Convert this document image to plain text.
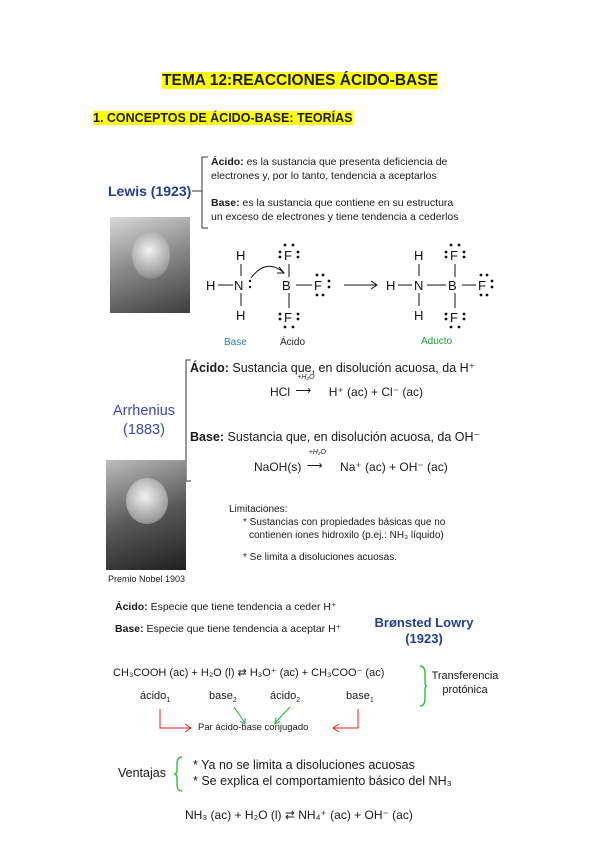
TEMA 12:REACCIONES ÁCIDO-BASE
1. CONCEPTOS DE ÁCIDO-BASE: TEORÍAS
Lewis (1923)
Ácido: es la sustancia que presenta deficiencia de
electrones y, por lo tanto, tendencia a aceptarlos
Base: es la sustancia que contiene en su estructura
un exceso de electrones y tiene tendencia a cederlos
H
H
H N	B
F
F
F
H
H
H N B
F
F
F
Base	Ácido	Aducto
Arrhenius
(1883)
Ácido: Sustancia que, en disolución acuosa, da H⁺
HCl
+H₂O
⟶ H⁺ (ac) + Cl⁻ (ac)
Base: Sustancia que, en disolución acuosa, da OH⁻
NaOH(s)
+H₂O
⟶ Na⁺ (ac) + OH⁻ (ac)
Premio Nobel 1903
Limitaciones:
* Sustancias con propiedades básicas que no
contienen iones hidroxilo (p.ej.: NH₃ líquido)
* Se limita a disoluciones acuosas.
Ácido: Especie que tiene tendencia a ceder H⁺
Base: Especie que tiene tendencia a aceptar H⁺	Brønsted Lowry
(1923)
CH₃COOH (ac) + H₂O (l) ⇄ H₃O⁺ (ac) + CH₃COO⁻ (ac)	Transferencia
protónica
ácido$_1$	base$_2$	ácido$_2$	base$_1$
Par ácido-base conjugado
Ventajas
* Ya no se limita a disoluciones acuosas
* Se explica el comportamiento básico del NH₃
NH₃ (ac) + H₂O (l) ⇄ NH₄⁺ (ac) + OH⁻ (ac)
